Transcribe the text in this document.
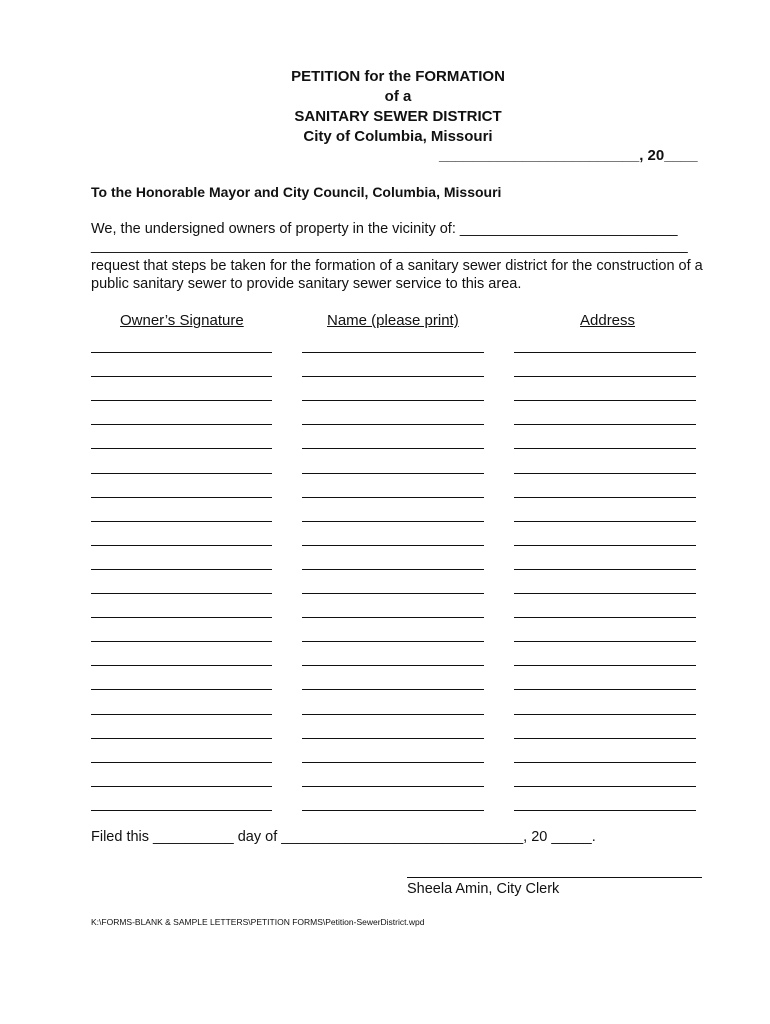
PETITION for the FORMATION
of a
SANITARY SEWER DISTRICT
City of Columbia, Missouri
________________________, 20____
To the Honorable Mayor and City Council, Columbia, Missouri
We, the undersigned owners of property in the vicinity of: ___________________________
__________________________________________________________________________
request that steps be taken for the formation of a sanitary sewer district for the construction of a public sanitary sewer to provide sanitary sewer service to this area.
Owner’s Signature	Name (please print)	Address
Filed this __________ day of ______________________________, 20 _____.
Sheela Amin, City Clerk
K:\FORMS-BLANK & SAMPLE LETTERS\PETITION FORMS\Petition-SewerDistrict.wpd
